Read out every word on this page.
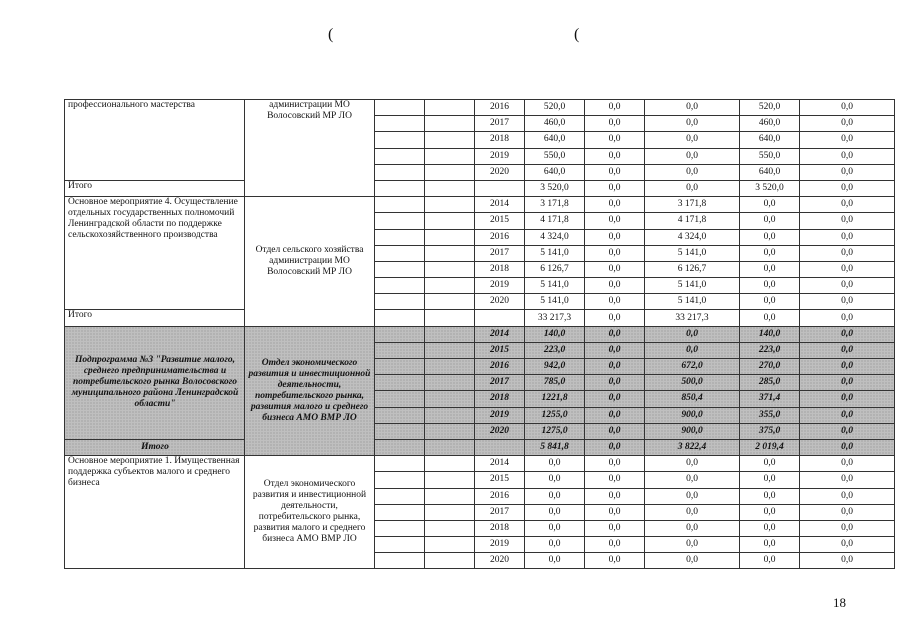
(	(
профессионального мастерства	администрации МО Волосовский МР ЛО			2016	520,0	0,0	0,0	520,0	0,0
				2017	460,0	0,0	0,0	460,0	0,0
				2018	640,0	0,0	0,0	640,0	0,0
				2019	550,0	0,0	0,0	550,0	0,0
				2020	640,0	0,0	0,0	640,0	0,0
Итого					3 520,0	0,0	0,0	3 520,0	0,0
Основное мероприятие 4. Осуществление отдельных государственных полномочий Ленинградской области по поддержке сельскохозяйственного производства	Отдел сельского хозяйства администрации МО Волосовский МР ЛО			2014	3 171,8	0,0	3 171,8	0,0	0,0
				2015	4 171,8	0,0	4 171,8	0,0	0,0
				2016	4 324,0	0,0	4 324,0	0,0	0,0
				2017	5 141,0	0,0	5 141,0	0,0	0,0
				2018	6 126,7	0,0	6 126,7	0,0	0,0
				2019	5 141,0	0,0	5 141,0	0,0	0,0
				2020	5 141,0	0,0	5 141,0	0,0	0,0
Итого					33 217,3	0,0	33 217,3	0,0	0,0
Подпрограмма №3 "Развитие малого, среднего предпринимательства и потребительского рынка Волосовского муниципального района Ленинградской области"	Отдел экономического развития и инвестиционной деятельности, потребительского рынка, развития малого и среднего бизнеса АМО ВМР ЛО			2014	140,0	0,0	0,0	140,0	0,0
				2015	223,0	0,0	0,0	223,0	0,0
				2016	942,0	0,0	672,0	270,0	0,0
				2017	785,0	0,0	500,0	285,0	0,0
				2018	1221,8	0,0	850,4	371,4	0,0
				2019	1255,0	0,0	900,0	355,0	0,0
				2020	1275,0	0,0	900,0	375,0	0,0
Итого					5 841,8	0,0	3 822,4	2 019,4	0,0
Основное мероприятие 1. Имущественная поддержка субъектов малого и среднего бизнеса	Отдел экономического развития и инвестиционной деятельности, потребительского рынка, развития малого и среднего бизнеса АМО ВМР ЛО			2014	0,0	0,0	0,0	0,0	0,0
				2015	0,0	0,0	0,0	0,0	0,0
				2016	0,0	0,0	0,0	0,0	0,0
				2017	0,0	0,0	0,0	0,0	0,0
				2018	0,0	0,0	0,0	0,0	0,0
				2019	0,0	0,0	0,0	0,0	0,0
				2020	0,0	0,0	0,0	0,0	0,0
18
